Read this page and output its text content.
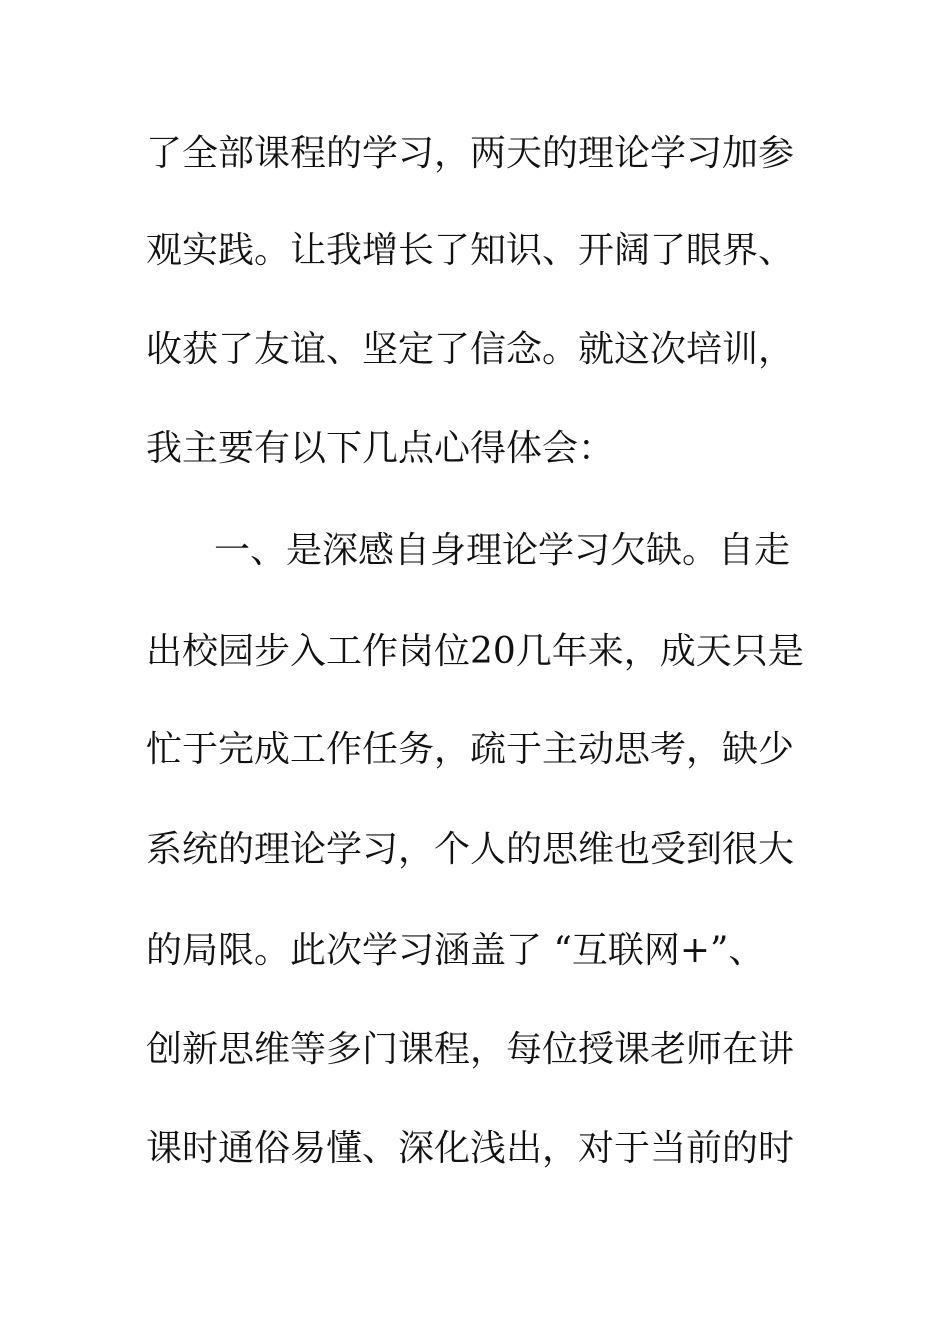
了全部课程的学习，两天的理论学习加参
观实践。让我增长了知识、开阔了眼界、
收获了友谊、坚定了信念。就这次培训，
我主要有以下几点心得体会：
一、是深感自身理论学习欠缺。自走
出校园步入工作岗位20几年来，成天只是
忙于完成工作任务，疏于主动思考，缺少
系统的理论学习，个人的思维也受到很大
的局限。此次学习涵盖了 “互联网+”、
创新思维等多门课程，每位授课老师在讲
课时通俗易懂、深化浅出，对于当前的时
